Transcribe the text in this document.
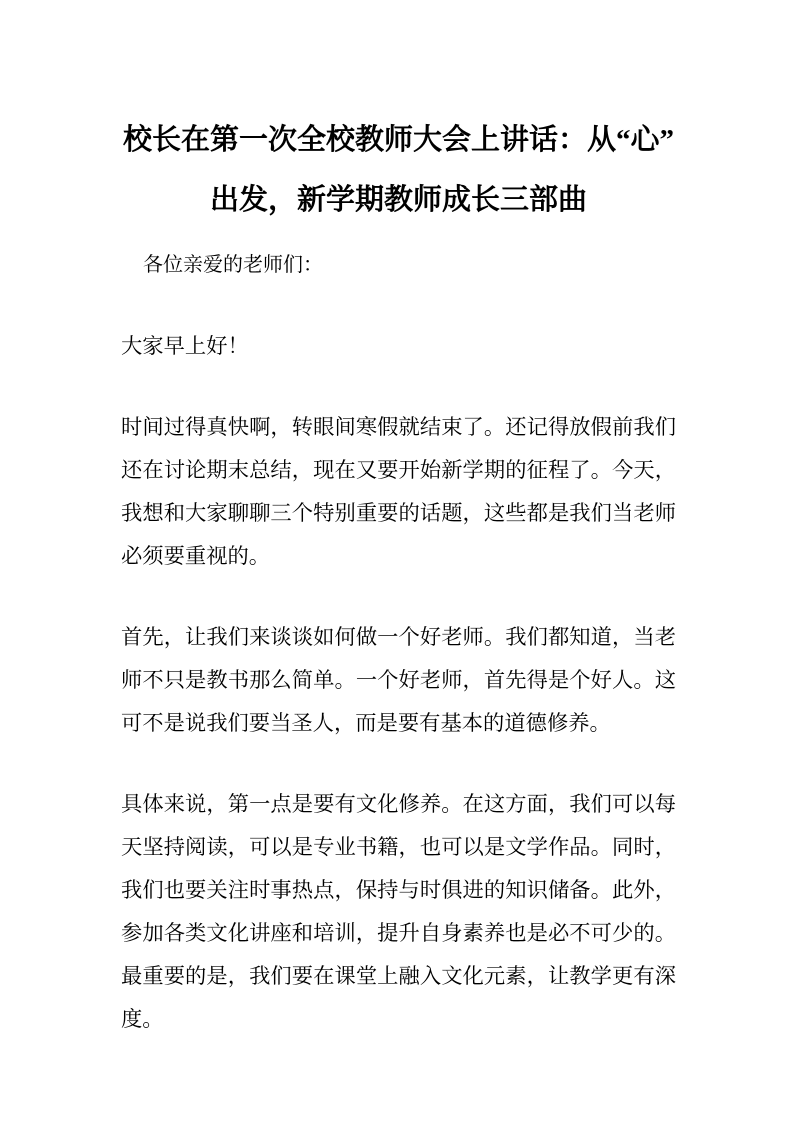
校长在第一次全校教师大会上讲话：从“心”
出发，新学期教师成长三部曲

各位亲爱的老师们：

大家早上好！

时间过得真快啊，转眼间寒假就结束了。还记得放假前我们还在讨论期末总结，现在又要开始新学期的征程了。今天，我想和大家聊聊三个特别重要的话题，这些都是我们当老师必须要重视的。

首先，让我们来谈谈如何做一个好老师。我们都知道，当老师不只是教书那么简单。一个好老师，首先得是个好人。这可不是说我们要当圣人，而是要有基本的道德修养。

具体来说，第一点是要有文化修养。在这方面，我们可以每天坚持阅读，可以是专业书籍，也可以是文学作品。同时，我们也要关注时事热点，保持与时俱进的知识储备。此外，参加各类文化讲座和培训，提升自身素养也是必不可少的。最重要的是，我们要在课堂上融入文化元素，让教学更有深度。
